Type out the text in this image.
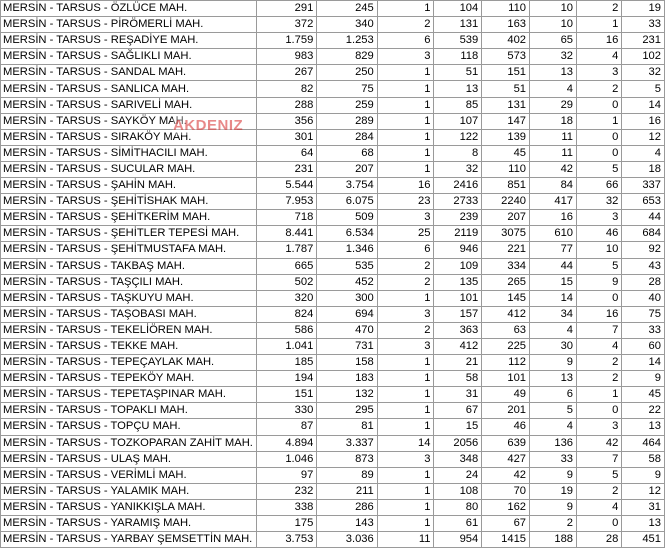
MERSİN - TARSUS - ÖZLÜCE MAH.	291	245	1	104	110	10	2	19
MERSİN - TARSUS - PİRÖMERLİ MAH.	372	340	2	131	163	10	1	33
MERSİN - TARSUS - REŞADİYE MAH.	1.759	1.253	6	539	402	65	16	231
MERSİN - TARSUS - SAĞLIKLI MAH.	983	829	3	118	573	32	4	102
MERSİN - TARSUS - SANDAL MAH.	267	250	1	51	151	13	3	32
MERSİN - TARSUS - SANLICA MAH.	82	75	1	13	51	4	2	5
MERSİN - TARSUS - SARIVELİ MAH.	288	259	1	85	131	29	0	14
MERSİN - TARSUS - SAYKÖY MAH.	356	289	1	107	147	18	1	16
MERSİN - TARSUS - SIRAKÖY MAH.	301	284	1	122	139	11	0	12
MERSİN - TARSUS - SİMİTHACILI MAH.	64	68	1	8	45	11	0	4
MERSİN - TARSUS - SUCULAR MAH.	231	207	1	32	110	42	5	18
MERSİN - TARSUS - ŞAHİN MAH.	5.544	3.754	16	2416	851	84	66	337
MERSİN - TARSUS - ŞEHİTİSHAK MAH.	7.953	6.075	23	2733	2240	417	32	653
MERSİN - TARSUS - ŞEHİTKERİM MAH.	718	509	3	239	207	16	3	44
MERSİN - TARSUS - ŞEHİTLER TEPESİ MAH.	8.441	6.534	25	2119	3075	610	46	684
MERSİN - TARSUS - ŞEHİTMUSTAFA MAH.	1.787	1.346	6	946	221	77	10	92
MERSİN - TARSUS - TAKBAŞ MAH.	665	535	2	109	334	44	5	43
MERSİN - TARSUS - TAŞÇILI MAH.	502	452	2	135	265	15	9	28
MERSİN - TARSUS - TAŞKUYU MAH.	320	300	1	101	145	14	0	40
MERSİN - TARSUS - TAŞOBASI MAH.	824	694	3	157	412	34	16	75
MERSİN - TARSUS - TEKELİÖREN MAH.	586	470	2	363	63	4	7	33
MERSİN - TARSUS - TEKKE MAH.	1.041	731	3	412	225	30	4	60
MERSİN - TARSUS - TEPEÇAYLAK MAH.	185	158	1	21	112	9	2	14
MERSİN - TARSUS - TEPEKÖY MAH.	194	183	1	58	101	13	2	9
MERSİN - TARSUS - TEPETAŞPINAR MAH.	151	132	1	31	49	6	1	45
MERSİN - TARSUS - TOPAKLI MAH.	330	295	1	67	201	5	0	22
MERSİN - TARSUS - TOPÇU MAH.	87	81	1	15	46	4	3	13
MERSİN - TARSUS - TOZKOPARAN ZAHİT MAH.	4.894	3.337	14	2056	639	136	42	464
MERSİN - TARSUS - ULAŞ MAH.	1.046	873	3	348	427	33	7	58
MERSİN - TARSUS - VERİMLİ MAH.	97	89	1	24	42	9	5	9
MERSİN - TARSUS - YALAMIK MAH.	232	211	1	108	70	19	2	12
MERSİN - TARSUS - YANIKKIŞLA MAH.	338	286	1	80	162	9	4	31
MERSİN - TARSUS - YARAMIŞ MAH.	175	143	1	61	67	2	0	13
MERSİN - TARSUS - YARBAY ŞEMSETTİN MAH.	3.753	3.036	11	954	1415	188	28	451
AKDENIZ
